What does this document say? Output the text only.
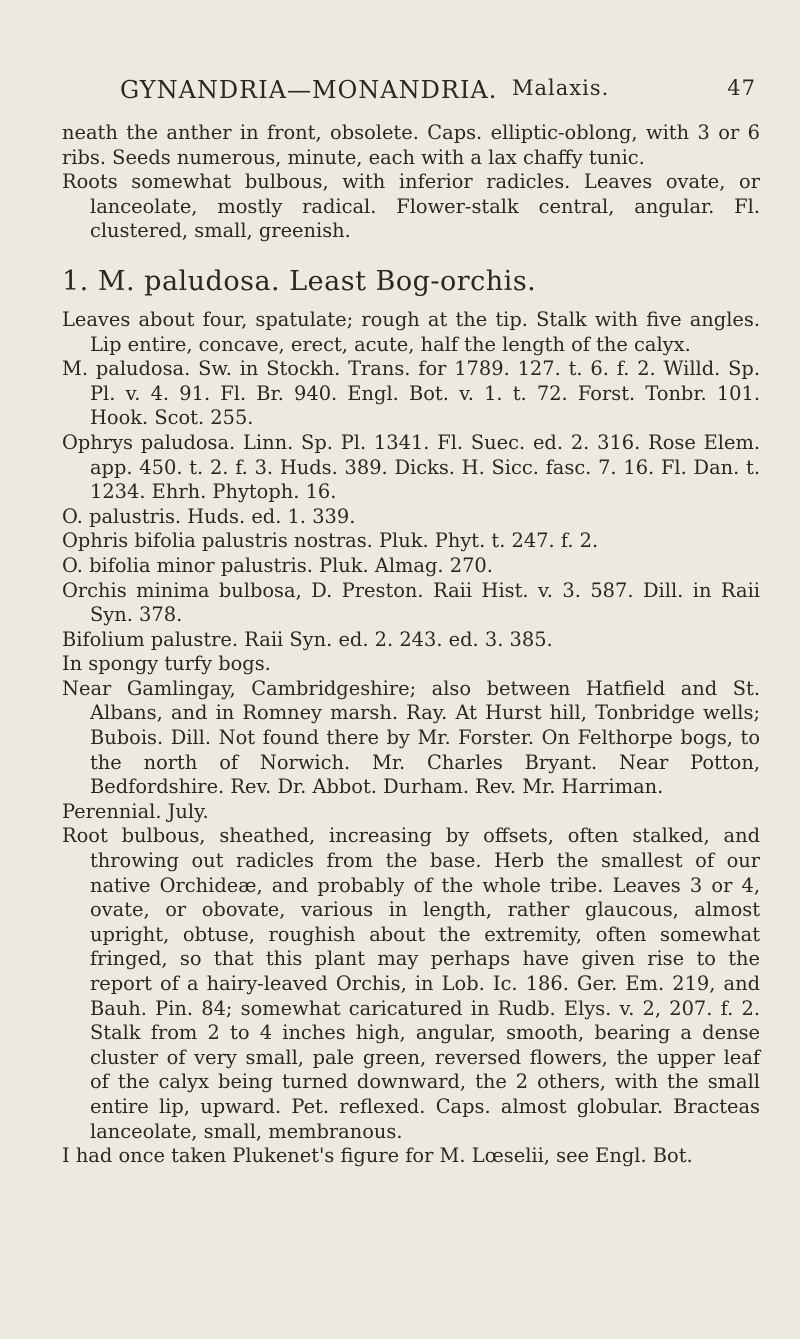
GYNANDRIA—MONANDRIA. Malaxis.	47

neath the anther in front, obsolete. Caps. elliptic-oblong, with 3 or 6 ribs. Seeds numerous, minute, each with a lax chaffy tunic.

Roots somewhat bulbous, with inferior radicles. Leaves ovate, or lanceolate, mostly radical. Flower-stalk central, angular. Fl. clustered, small, greenish.

1. M. paludosa. Least Bog-orchis.

Leaves about four, spatulate; rough at the tip. Stalk with five angles. Lip entire, concave, erect, acute, half the length of the calyx.

M. paludosa. Sw. in Stockh. Trans. for 1789. 127. t. 6. f. 2. Willd. Sp. Pl. v. 4. 91. Fl. Br. 940. Engl. Bot. v. 1. t. 72. Forst. Tonbr. 101. Hook. Scot. 255.

Ophrys paludosa. Linn. Sp. Pl. 1341. Fl. Suec. ed. 2. 316. Rose Elem. app. 450. t. 2. f. 3. Huds. 389. Dicks. H. Sicc. fasc. 7. 16. Fl. Dan. t. 1234. Ehrh. Phytoph. 16.

O. palustris. Huds. ed. 1. 339.

Ophris bifolia palustris nostras. Pluk. Phyt. t. 247. f. 2.

O. bifolia minor palustris. Pluk. Almag. 270.

Orchis minima bulbosa, D. Preston. Raii Hist. v. 3. 587. Dill. in Raii Syn. 378.

Bifolium palustre. Raii Syn. ed. 2. 243. ed. 3. 385.

In spongy turfy bogs.

Near Gamlingay, Cambridgeshire; also between Hatfield and St. Albans, and in Romney marsh. Ray. At Hurst hill, Tonbridge wells; Bubois. Dill. Not found there by Mr. Forster. On Felthorpe bogs, to the north of Norwich. Mr. Charles Bryant. Near Potton, Bedfordshire. Rev. Dr. Abbot. Durham. Rev. Mr. Harriman.

Perennial. July.

Root bulbous, sheathed, increasing by offsets, often stalked, and throwing out radicles from the base. Herb the smallest of our native Orchideæ, and probably of the whole tribe. Leaves 3 or 4, ovate, or obovate, various in length, rather glaucous, almost upright, obtuse, roughish about the extremity, often somewhat fringed, so that this plant may perhaps have given rise to the report of a hairy-leaved Orchis, in Lob. Ic. 186. Ger. Em. 219, and Bauh. Pin. 84; somewhat caricatured in Rudb. Elys. v. 2, 207. f. 2. Stalk from 2 to 4 inches high, angular, smooth, bearing a dense cluster of very small, pale green, reversed flowers, the upper leaf of the calyx being turned downward, the 2 others, with the small entire lip, upward. Pet. reflexed. Caps. almost globular. Bracteas lanceolate, small, membranous.

I had once taken Plukenet's figure for M. Lœselii, see Engl. Bot.
